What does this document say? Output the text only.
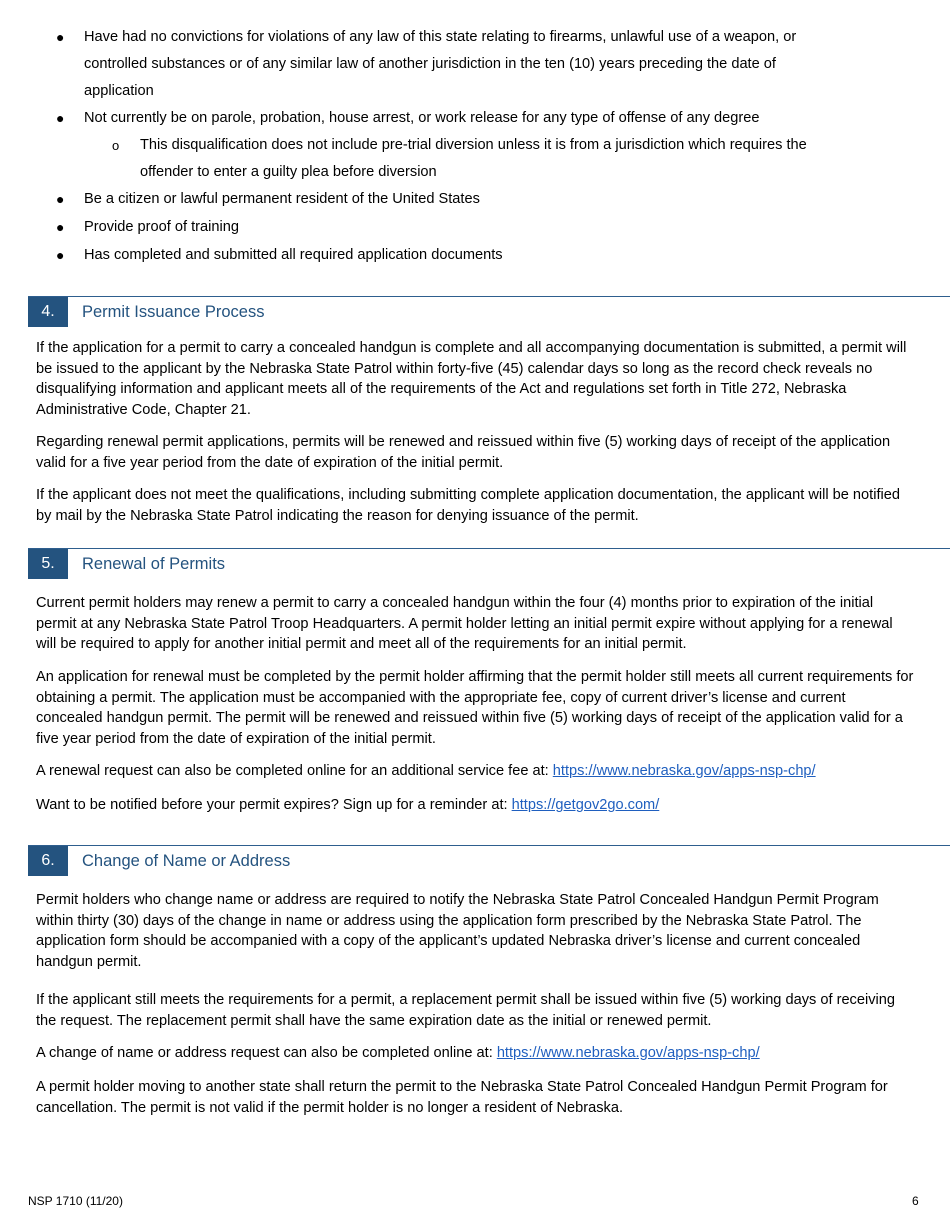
● Have had no convictions for violations of any law of this state relating to firearms, unlawful use of a weapon, or
controlled substances or of any similar law of another jurisdiction in the ten (10) years preceding the date of
application
● Not currently be on parole, probation, house arrest, or work release for any type of offense of any degree
o This disqualification does not include pre-trial diversion unless it is from a jurisdiction which requires the
offender to enter a guilty plea before diversion
● Be a citizen or lawful permanent resident of the United States
● Provide proof of training
● Has completed and submitted all required application documents
4.	Permit Issuance Process
If the application for a permit to carry a concealed handgun is complete and all accompanying documentation is submitted, a permit will be issued to the applicant by the Nebraska State Patrol within forty-five (45) calendar days so long as the record check reveals no disqualifying information and applicant meets all of the requirements of the Act and regulations set forth in Title 272, Nebraska Administrative Code, Chapter 21.
Regarding renewal permit applications, permits will be renewed and reissued within five (5) working days of receipt of the application valid for a five year period from the date of expiration of the initial permit.
If the applicant does not meet the qualifications, including submitting complete application documentation, the applicant will be notified by mail by the Nebraska State Patrol indicating the reason for denying issuance of the permit.
5.	Renewal of Permits
Current permit holders may renew a permit to carry a concealed handgun within the four (4) months prior to expiration of the initial permit at any Nebraska State Patrol Troop Headquarters. A permit holder letting an initial permit expire without applying for a renewal will be required to apply for another initial permit and meet all of the requirements for an initial permit.
An application for renewal must be completed by the permit holder affirming that the permit holder still meets all current requirements for obtaining a permit. The application must be accompanied with the appropriate fee, copy of current driver’s license and current concealed handgun permit. The permit will be renewed and reissued within five (5) working days of receipt of the application valid for a five year period from the date of expiration of the initial permit.
A renewal request can also be completed online for an additional service fee at: https://www.nebraska.gov/apps-nsp-chp/
Want to be notified before your permit expires? Sign up for a reminder at: https://getgov2go.com/
6.	Change of Name or Address
Permit holders who change name or address are required to notify the Nebraska State Patrol Concealed Handgun Permit Program within thirty (30) days of the change in name or address using the application form prescribed by the Nebraska State Patrol. The application form should be accompanied with a copy of the applicant’s updated Nebraska driver’s license and current concealed handgun permit.
If the applicant still meets the requirements for a permit, a replacement permit shall be issued within five (5) working days of receiving the request. The replacement permit shall have the same expiration date as the initial or renewed permit.
A change of name or address request can also be completed online at: https://www.nebraska.gov/apps-nsp-chp/
A permit holder moving to another state shall return the permit to the Nebraska State Patrol Concealed Handgun Permit Program for cancellation. The permit is not valid if the permit holder is no longer a resident of Nebraska.
NSP 1710 (11/20)	6
